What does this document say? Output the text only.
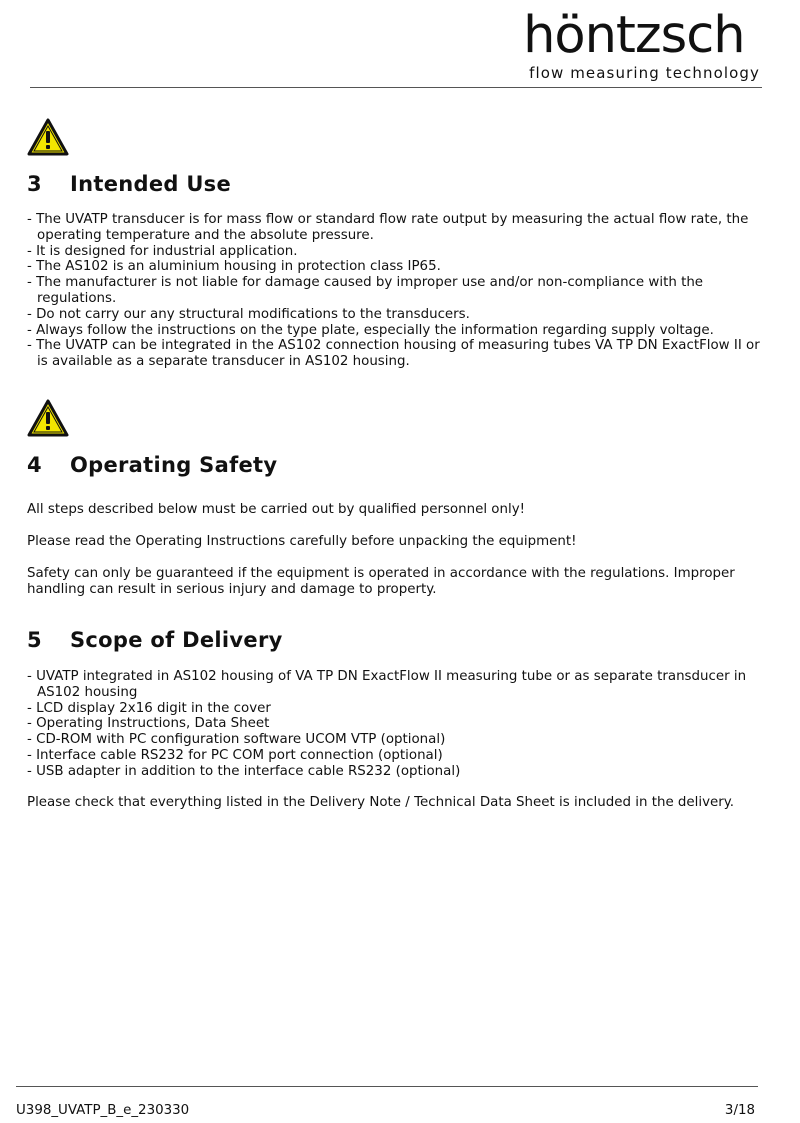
höntzsch
flow measuring technology
3 Intended Use
- The UVATP transducer is for mass flow or standard flow rate output by measuring the actual flow rate, the operating temperature and the absolute pressure.
- It is designed for industrial application.
- The AS102 is an aluminium housing in protection class IP65.
- The manufacturer is not liable for damage caused by improper use and/or non-compliance with the regulations.
- Do not carry our any structural modifications to the transducers.
- Always follow the instructions on the type plate, especially the information regarding supply voltage.
- The UVATP can be integrated in the AS102 connection housing of measuring tubes VA TP DN ExactFlow II or is available as a separate transducer in AS102 housing.
4 Operating Safety

All steps described below must be carried out by qualified personnel only!

Please read the Operating Instructions carefully before unpacking the equipment!

Safety can only be guaranteed if the equipment is operated in accordance with the regulations. Improper handling can result in serious injury and damage to property.

5 Scope of Delivery
- UVATP integrated in AS102 housing of VA TP DN ExactFlow II measuring tube or as separate transducer in AS102 housing
- LCD display 2x16 digit in the cover
- Operating Instructions, Data Sheet
- CD-ROM with PC configuration software UCOM VTP (optional)
- Interface cable RS232 for PC COM port connection (optional)
- USB adapter in addition to the interface cable RS232 (optional)

Please check that everything listed in the Delivery Note / Technical Data Sheet is included in the delivery.

U398_UVATP_B_e_230330	3/18
